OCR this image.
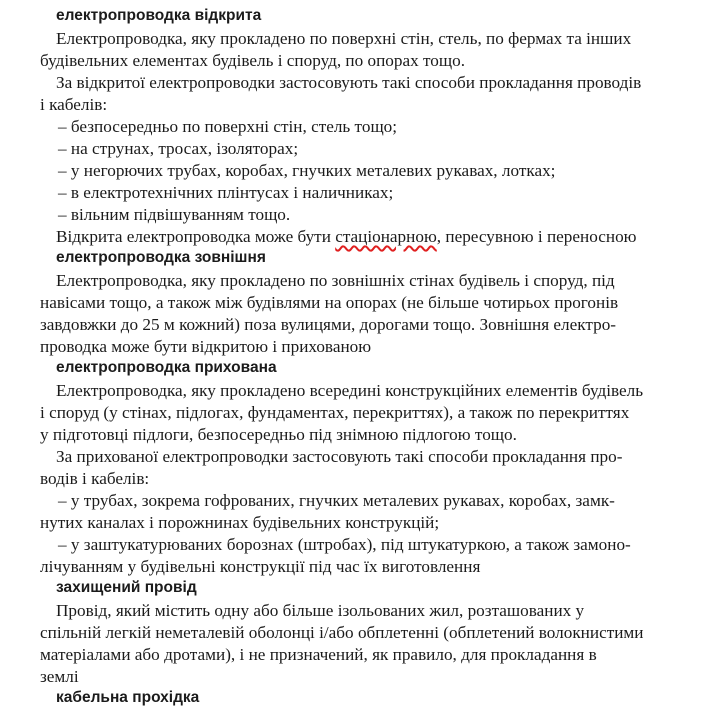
електропроводка відкрита
Електропроводка, яку прокладено по поверхні стін, стель, по фермах та інших
будівельних елементах будівель і споруд, по опорах тощо.
За відкритої електропроводки застосовують такі способи прокладання проводів
і кабелів:
– безпосередньо по поверхні стін, стель тощо;
– на струнах, тросах, ізоляторах;
– у негорючих трубах, коробах, гнучких металевих рукавах, лотках;
– в електротехнічних плінтусах і наличниках;
– вільним підвішуванням тощо.
Відкрита електропроводка може бути стаціонарною, пересувною і переносною
електропроводка зовнішня
Електропроводка, яку прокладено по зовнішніх стінах будівель і споруд, під
навісами тощо, а також між будівлями на опорах (не більше чотирьох прогонів
завдовжки до 25 м кожний) поза вулицями, дорогами тощо. Зовнішня електро-
проводка може бути відкритою і прихованою
електропроводка прихована
Електропроводка, яку прокладено всередині конструкційних елементів будівель
і споруд (у стінах, підлогах, фундаментах, перекриттях), а також по перекриттях
у підготовці підлоги, безпосередньо під знімною підлогою тощо.
За прихованої електропроводки застосовують такі способи прокладання про-
водів і кабелів:
– у трубах, зокрема гофрованих, гнучких металевих рукавах, коробах, замк-
нутих каналах і порожнинах будівельних конструкцій;
– у заштукатурюваних борознах (штробах), під штукатуркою, а також замоно-
лічуванням у будівельні конструкції під час їх виготовлення
захищений провід
Провід, який містить одну або більше ізольованих жил, розташованих у
спільній легкій неметалевій оболонці і/або обплетенні (обплетений волокнистими
матеріалами або дротами), і не призначений, як правило, для прокладання в
землі
кабельна прохідка
